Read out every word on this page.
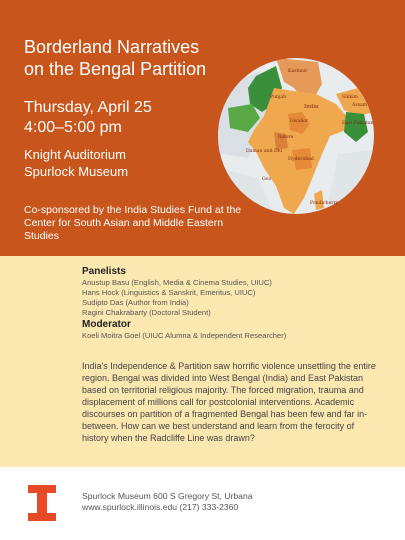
Kashmir
Sikkim
Assam
Punjab
India
Gwalior
Indore
Daman and Diu
Goa
Hyderabad
East Pakistan
Pondicherry
Borderland Narratives
on the Bengal Partition
Thursday, April 25
4:00–5:00 pm
Knight Auditorium
Spurlock Museum
Co-sponsored by the India Studies Fund at the Center for South Asian and Middle Eastern Studies
Panelists
Anustup Basu (English, Media & Cinema Studies, UIUC)
Hans Hock (Linguistics & Sanskrit, Emeritus, UIUC)
Sudipto Das (Author from India)
Ragini Chakrabarty (Doctoral Student)
Moderator
Koeli Moitra Goel (UIUC Alumna & Independent Researcher)

India's Independence & Partition saw horrific violence unsettling the entire region. Bengal was divided into West Bengal (India) and East Pakistan based on territorial religious majority. The forced migration, trauma and displacement of millions call for postcolonial interventions. Academic discourses on partition of a fragmented Bengal has been few and far in-between. How can we best understand and learn from the ferocity of history when the Radcliffe Line was drawn?

Spurlock Museum 600 S Gregory St, Urbana
www.spurlock.illinois.edu (217) 333-2360
